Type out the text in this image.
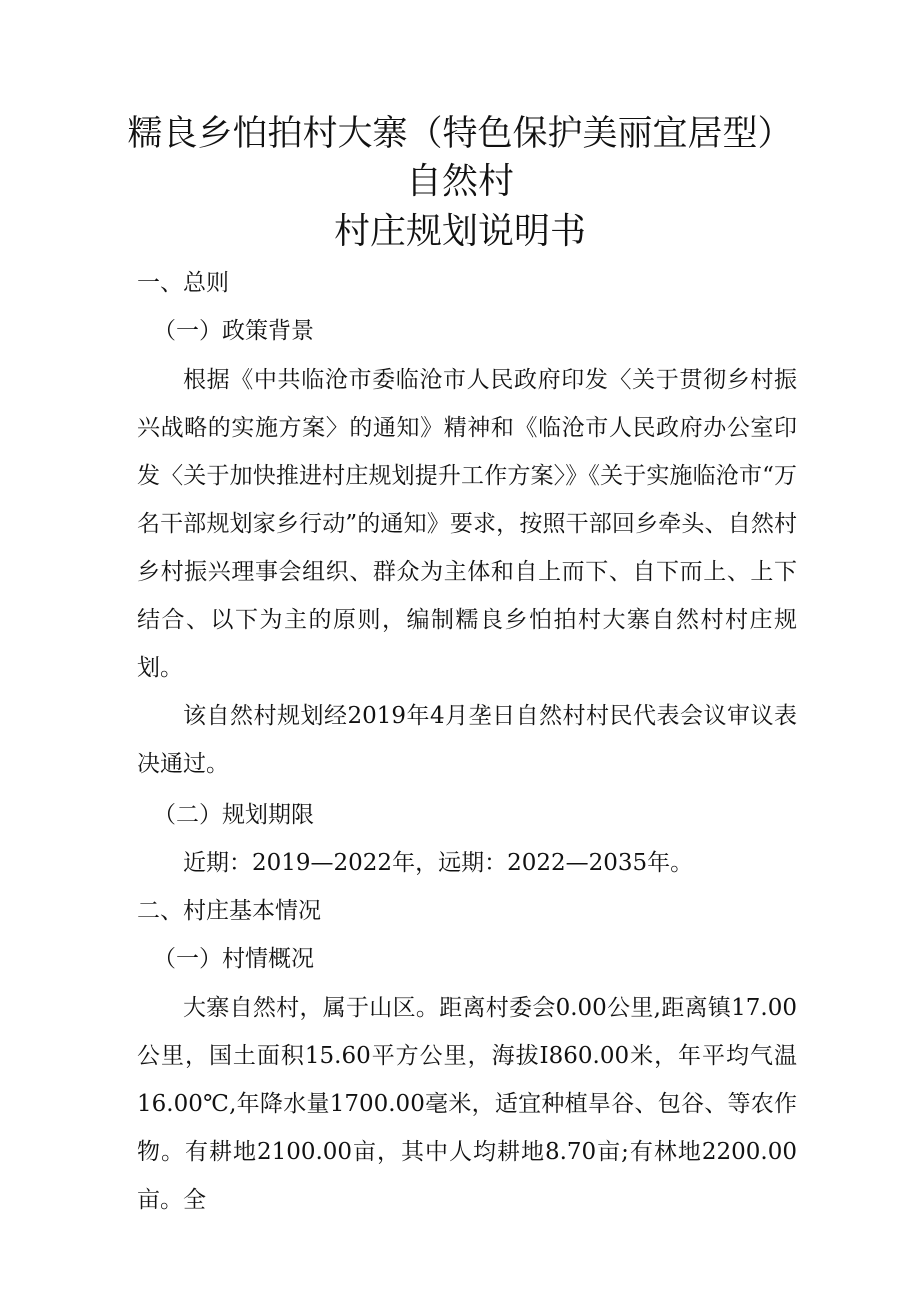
糯良乡怕拍村大寨（特色保护美丽宜居型）
自然村
村庄规划说明书
一、总则
（一）政策背景

根据《中共临沧市委临沧市人民政府印发〈关于贯彻乡村振兴战略的实施方案〉的通知》精神和《临沧市人民政府办公室印发〈关于加快推进村庄规划提升工作方案〉》《关于实施临沧市“万名干部规划家乡行动”的通知》要求，按照干部回乡牵头、自然村乡村振兴理事会组织、群众为主体和自上而下、自下而上、上下结合、以下为主的原则，编制糯良乡怕拍村大寨自然村村庄规划。

该自然村规划经2019年4月垄日自然村村民代表会议审议表决通过。

（二）规划期限
近期：2019—2022年，远期：2022—2035年。
二、村庄基本情况
（一）村情概况

大寨自然村，属于山区。距离村委会0.00公里,距离镇17.00公里，国土面积15.60平方公里，海拔I860.00米，年平均气温16.00℃,年降水量1700.00毫米，适宜种植旱谷、包谷、等农作物。有耕地2100.00亩，其中人均耕地8.70亩;有林地2200.00亩。全
